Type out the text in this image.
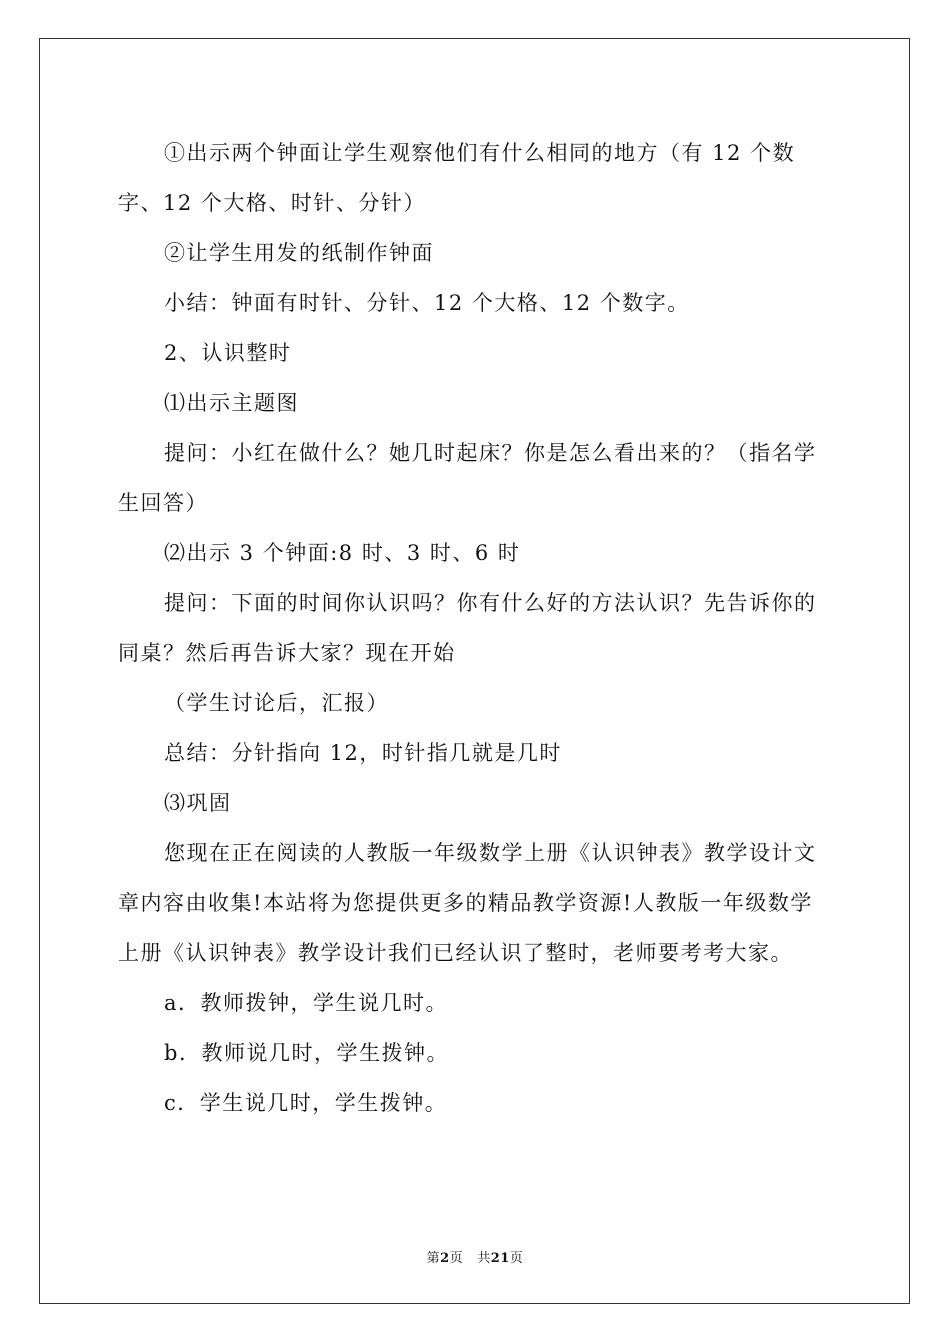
①出示两个钟面让学生观察他们有什么相同的地方（有 12 个数字、12 个大格、时针、分针）

②让学生用发的纸制作钟面

小结：钟面有时针、分针、12 个大格、12 个数字。

2、认识整时

⑴出示主题图

提问：小红在做什么？她几时起床？你是怎么看出来的？（指名学生回答）

⑵出示 3 个钟面:8 时、3 时、6 时

提问：下面的时间你认识吗？你有什么好的方法认识？先告诉你的同桌？然后再告诉大家？现在开始

（学生讨论后，汇报）

总结：分针指向 12，时针指几就是几时

⑶巩固

您现在正在阅读的人教版一年级数学上册《认识钟表》教学设计文章内容由收集!本站将为您提供更多的精品教学资源!人教版一年级数学上册《认识钟表》教学设计我们已经认识了整时，老师要考考大家。

a．教师拨钟，学生说几时。

b．教师说几时，学生拨钟。

c．学生说几时，学生拨钟。

第2页 共21页
